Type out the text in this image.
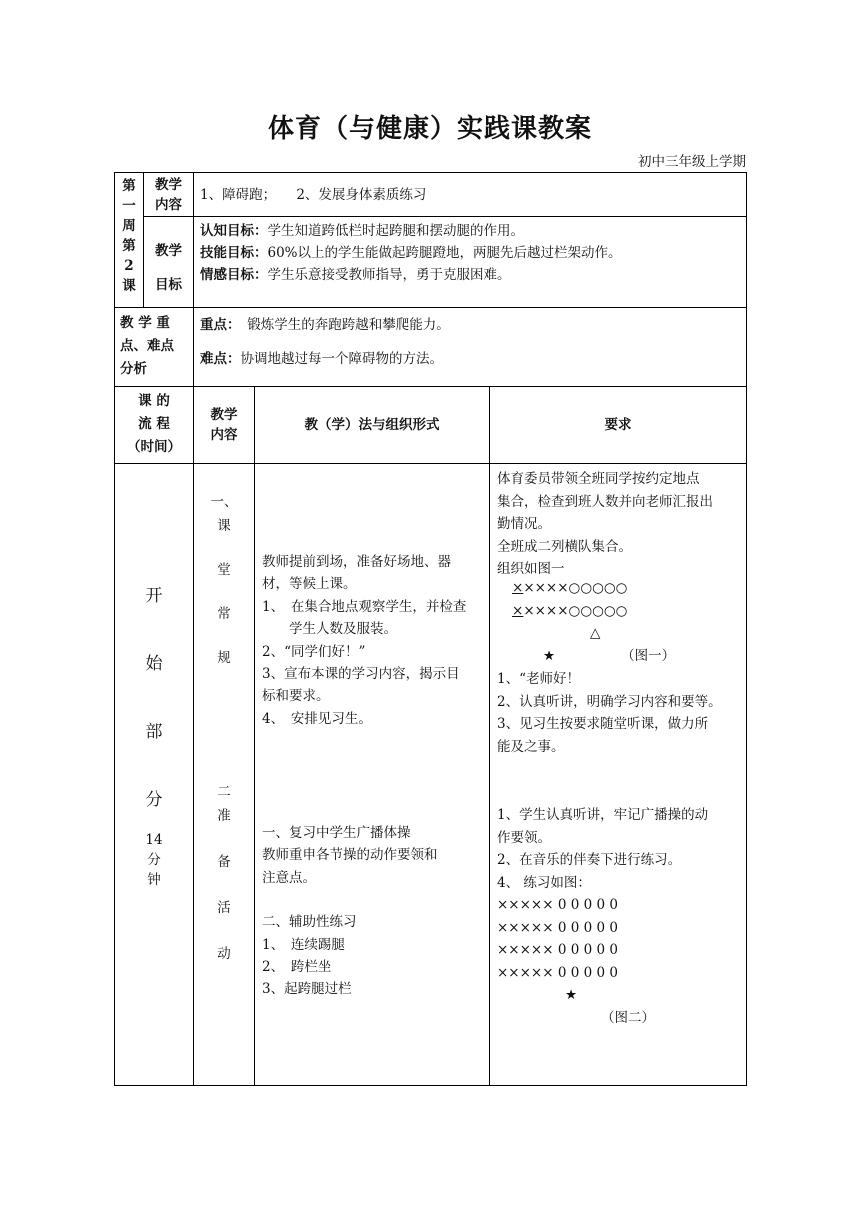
体育（与健康）实践课教案
初中三年级上学期
第
一
周
第
2
课
教学
内容
1、障碍跑；　　2、发展身体素质练习
教学
目标
认知目标：学生知道跨低栏时起跨腿和摆动腿的作用。
技能目标：60%以上的学生能做起跨腿蹬地，两腿先后越过栏架动作。
情感目标：学生乐意接受教师指导，勇于克服困难。
教 学 重
点、难点
分析
重点：　锻炼学生的奔跑跨越和攀爬能力。
难点：协调地越过每一个障碍物的方法。
课 的
流 程
（时间）
教学
内容
教（学）法与组织形式	要求
开
始
部
分
14
分
钟
一、
课
堂
常
规
二
准
备
活
动
教师提前到场，准备好场地、器
材，等候上课。
1、　在集合地点观察学生，并检查
　　学生人数及服装。
2、“同学们好！”
3、宣布本课的学习内容，揭示目
标和要求。
4、　安排见习生。
一、复习中学生广播体操
教师重申各节操的动作要领和
注意点。
二、辅助性练习
1、　连续踢腿
2、　跨栏坐
3、起跨腿过栏
体育委员带领全班同学按约定地点
集合，检查到班人数并向老师汇报出
勤情况。
全班成二列横队集合。
组织如图一
×××××○○○○○
×××××○○○○○
△
★	（图一）
1、“老师好！
2、认真听讲，明确学习内容和要等。
3、见习生按要求随堂听课，做力所
能及之事。
1、学生认真听讲，牢记广播操的动
作要领。
2、在音乐的伴奏下进行练习。
4、 练习如图：
××××× 0 0 0 0 0
××××× 0 0 0 0 0
××××× 0 0 0 0 0
××××× 0 0 0 0 0
★
（图二）
